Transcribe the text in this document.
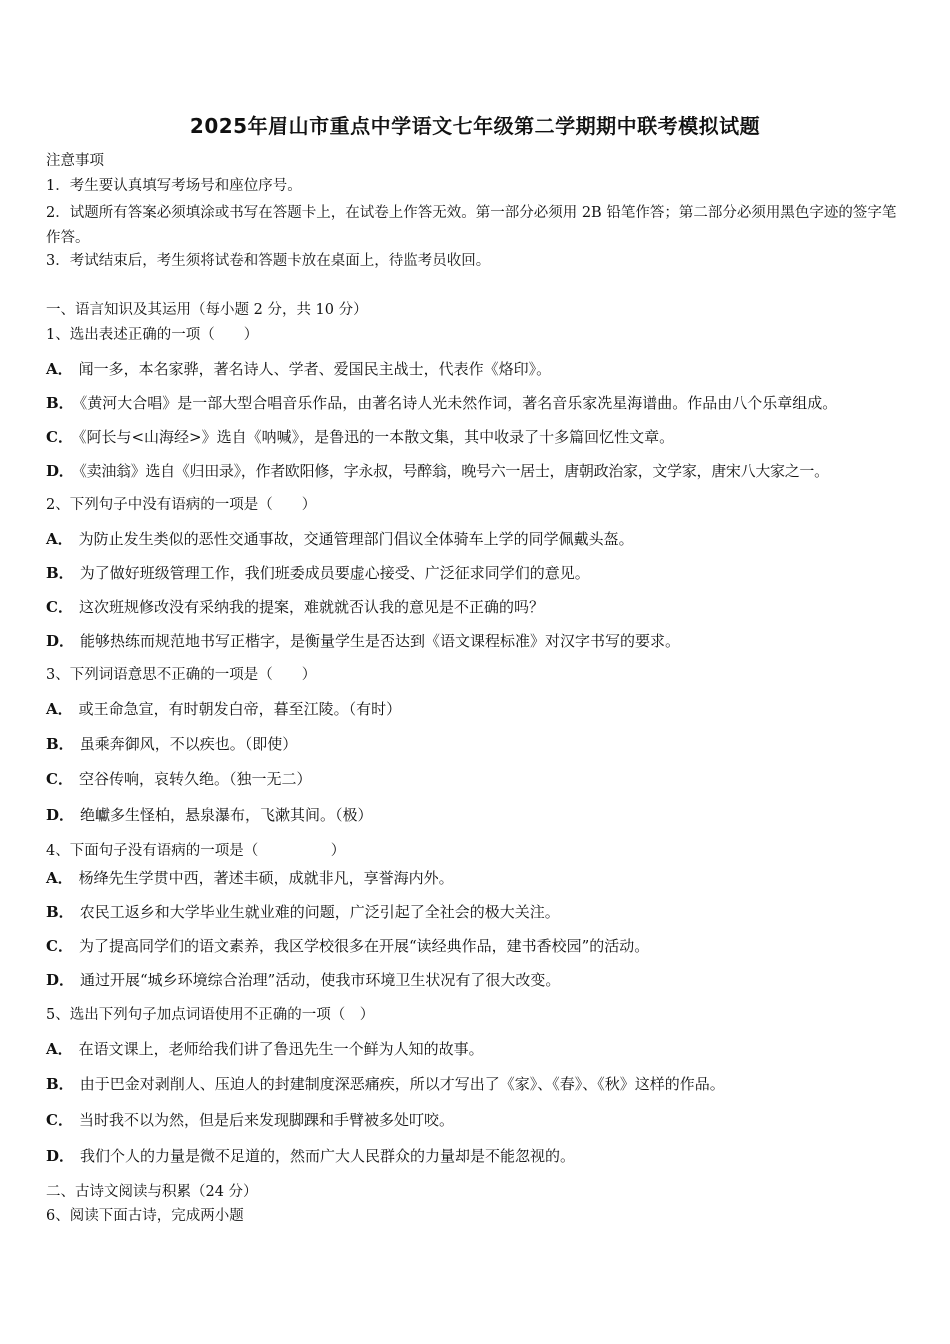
2025年眉山市重点中学语文七年级第二学期期中联考模拟试题
注意事项
1．考生要认真填写考场号和座位序号。
2．试题所有答案必须填涂或书写在答题卡上，在试卷上作答无效。第一部分必须用 2B 铅笔作答；第二部分必须用黑色字迹的签字笔作答。
3．考试结束后，考生须将试卷和答题卡放在桌面上，待监考员收回。
一、语言知识及其运用（每小题 2 分，共 10 分）
1、选出表述正确的一项（　　）
A． 闻一多，本名家骅，著名诗人、学者、爱国民主战士，代表作《烙印》。
B． 《黄河大合唱》是一部大型合唱音乐作品，由著名诗人光未然作词，著名音乐家冼星海谱曲。作品由八个乐章组成。
C． 《阿长与<山海经>》选自《呐喊》，是鲁迅的一本散文集，其中收录了十多篇回忆性文章。
D． 《卖油翁》选自《归田录》，作者欧阳修，字永叔，号醉翁，晚号六一居士，唐朝政治家，文学家，唐宋八大家之一。
2、下列句子中没有语病的一项是（　　）
A． 为防止发生类似的恶性交通事故，交通管理部门倡议全体骑车上学的同学佩戴头盔。
B． 为了做好班级管理工作，我们班委成员要虚心接受、广泛征求同学们的意见。
C． 这次班规修改没有采纳我的提案，难就就否认我的意见是不正确的吗？
D． 能够热练而规范地书写正楷字，是衡量学生是否达到《语文课程标准》对汉字书写的要求。
3、下列词语意思不正确的一项是（　　）
A． 或王命急宣，有时朝发白帝，暮至江陵。（有时）
B． 虽乘奔御风，不以疾也。（即使）
C． 空谷传响，哀转久绝。（独一无二）
D． 绝巘多生怪柏，悬泉瀑布，飞漱其间。（极）
4、下面句子没有语病的一项是（　　　　　）
A． 杨绛先生学贯中西，著述丰硕，成就非凡，享誉海内外。
B． 农民工返乡和大学毕业生就业难的问题，广泛引起了全社会的极大关注。
C． 为了提高同学们的语文素养，我区学校很多在开展“读经典作品，建书香校园”的活动。
D． 通过开展“城乡环境综合治理”活动，使我市环境卫生状况有了很大改变。
5、选出下列句子加点词语使用不正确的一项（　）
A． 在语文课上，老师给我们讲了鲁迅先生一个鲜为人知的故事。
B． 由于巴金对剥削人、压迫人的封建制度深恶痛疾，所以才写出了《家》、《春》、《秋》这样的作品。
C． 当时我不以为然，但是后来发现脚踝和手臂被多处叮咬。
D． 我们个人的力量是微不足道的，然而广大人民群众的力量却是不能忽视的。
二、古诗文阅读与积累（24 分）
6、阅读下面古诗，完成两小题
